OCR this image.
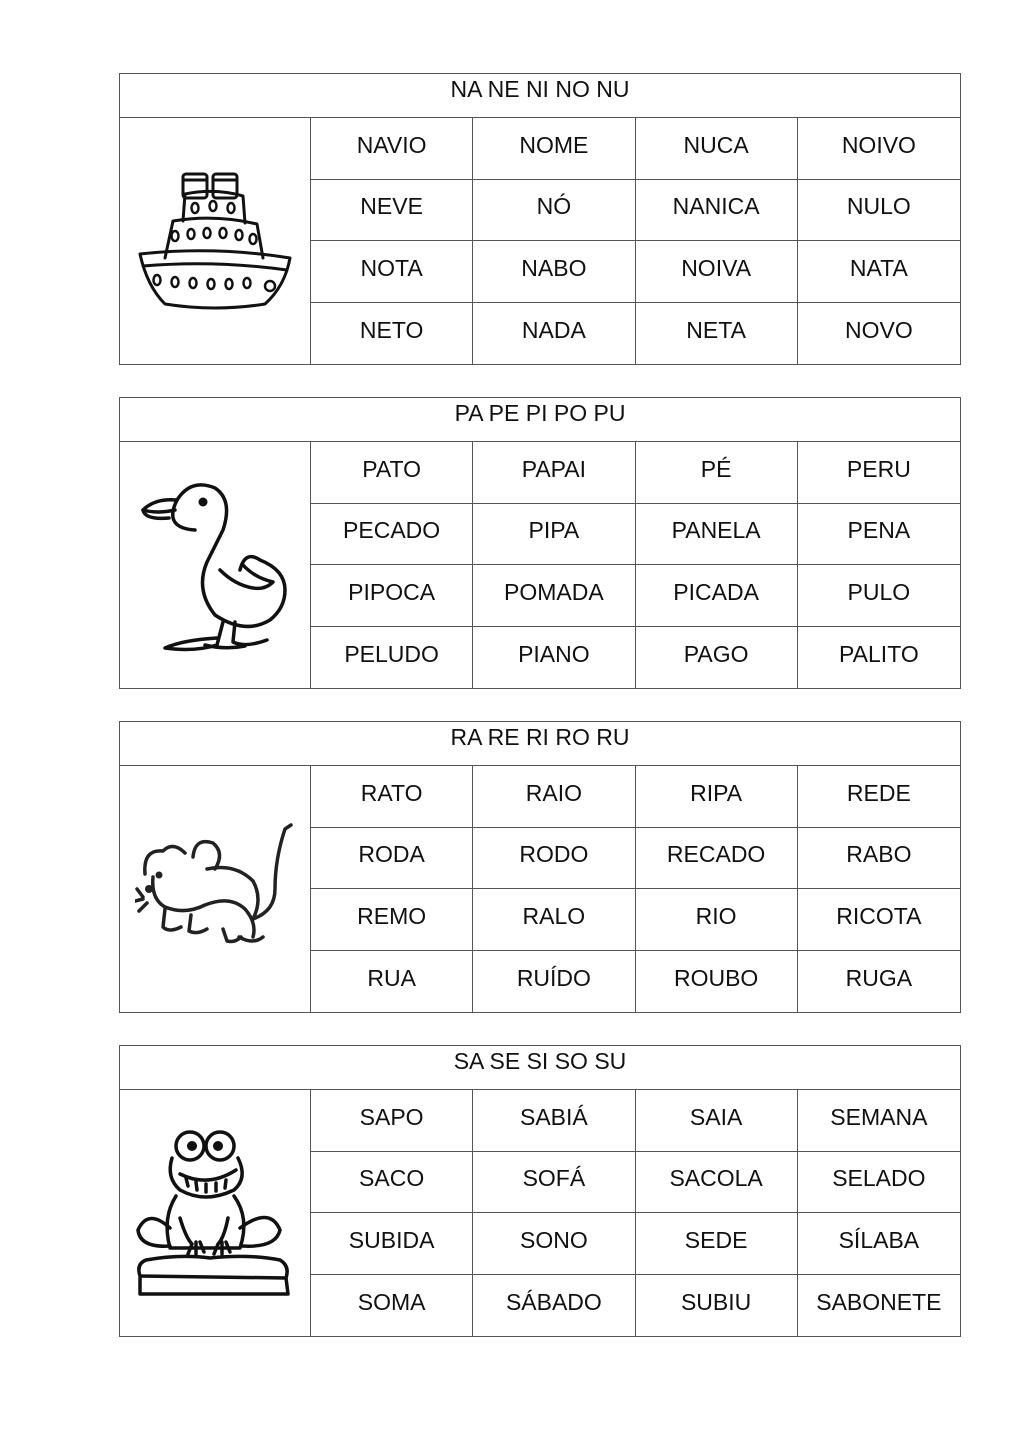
NA NE NI NO NU
NAVIO	NOME	NUCA	NOIVO
NEVE	NÓ	NANICA	NULO
NOTA	NABO	NOIVA	NATA
NETO	NADA	NETA	NOVO
PA PE PI PO PU
PATO	PAPAI	PÉ	PERU
PECADO	PIPA	PANELA	PENA
PIPOCA	POMADA	PICADA	PULO
PELUDO	PIANO	PAGO	PALITO
RA RE RI RO RU
RATO	RAIO	RIPA	REDE
RODA	RODO	RECADO	RABO
REMO	RALO	RIO	RICOTA
RUA	RUÍDO	ROUBO	RUGA
SA SE SI SO SU
SAPO	SABIÁ	SAIA	SEMANA
SACO	SOFÁ	SACOLA	SELADO
SUBIDA	SONO	SEDE	SÍLABA
SOMA	SÁBADO	SUBIU	SABONETE
